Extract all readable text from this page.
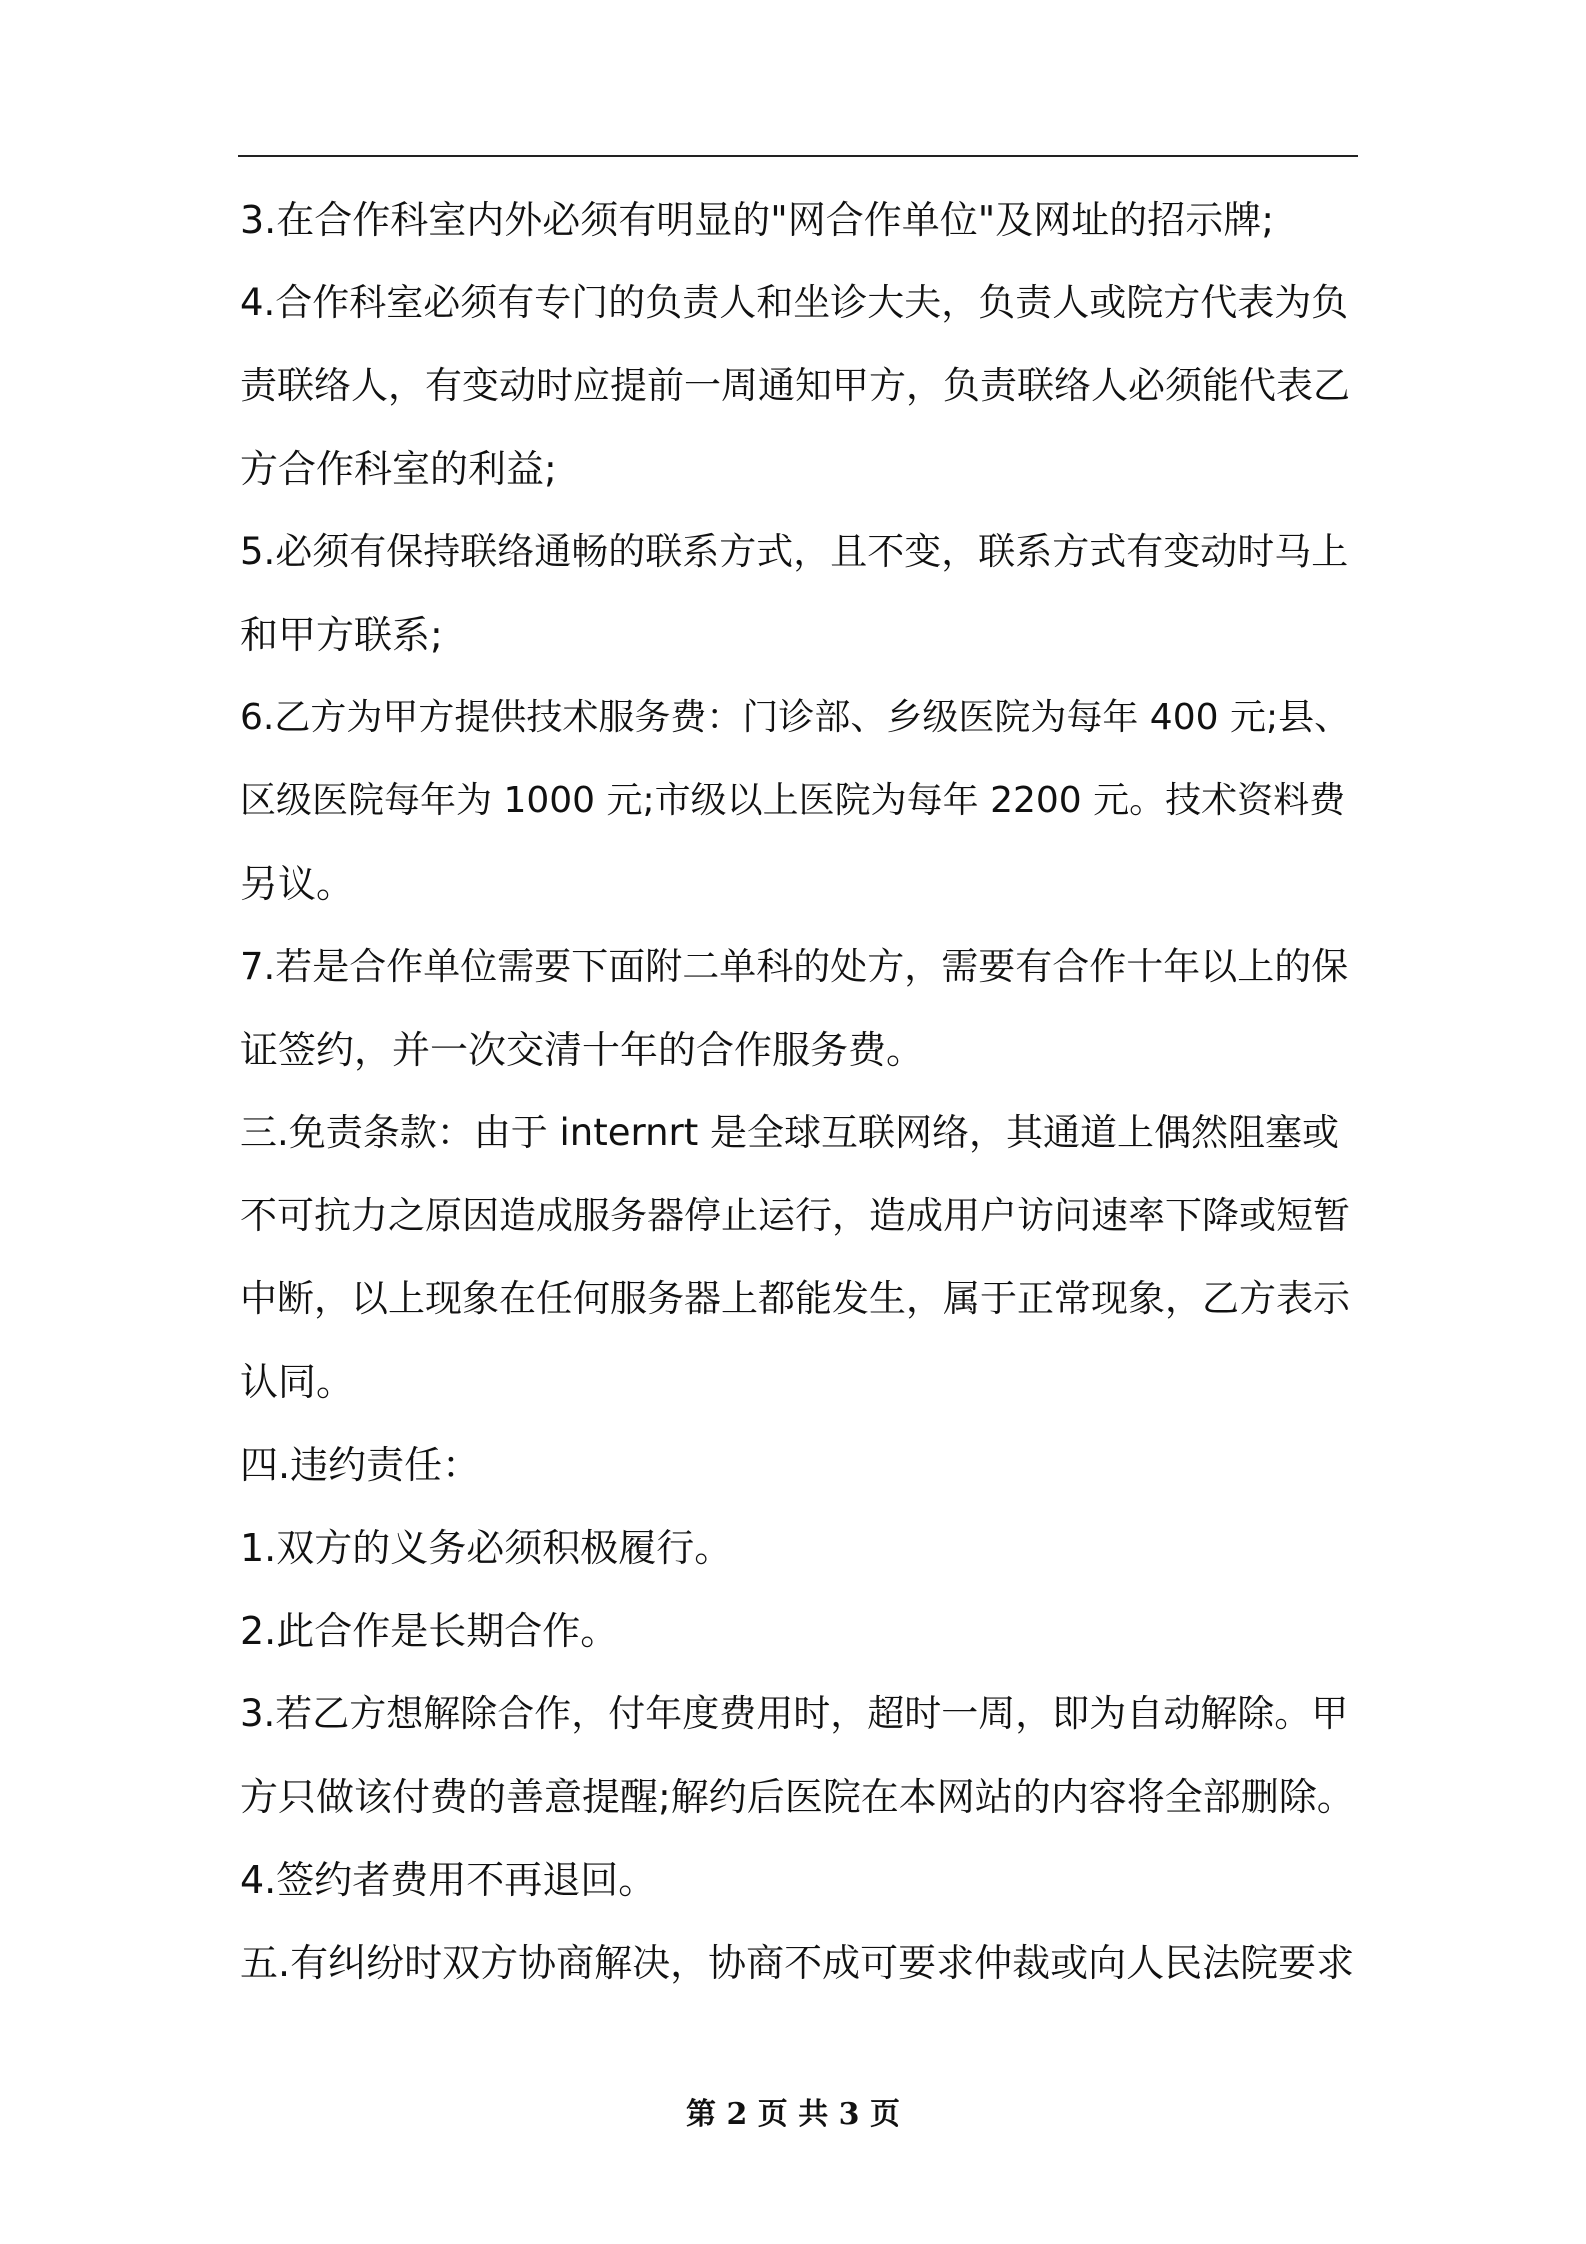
3.在合作科室内外必须有明显的"网合作单位"及网址的招示牌;
4.合作科室必须有专门的负责人和坐诊大夫，负责人或院方代表为负
责联络人，有变动时应提前一周通知甲方，负责联络人必须能代表乙
方合作科室的利益;
5.必须有保持联络通畅的联系方式，且不变，联系方式有变动时马上
和甲方联系;
6.乙方为甲方提供技术服务费：门诊部、乡级医院为每年 400 元;县、
区级医院每年为 1000 元;市级以上医院为每年 2200 元。技术资料费
另议。
7.若是合作单位需要下面附二单科的处方，需要有合作十年以上的保
证签约，并一次交清十年的合作服务费。
三.免责条款：由于 internrt 是全球互联网络，其通道上偶然阻塞或
不可抗力之原因造成服务器停止运行，造成用户访问速率下降或短暂
中断，以上现象在任何服务器上都能发生，属于正常现象，乙方表示
认同。
四.违约责任：
1.双方的义务必须积极履行。
2.此合作是长期合作。
3.若乙方想解除合作，付年度费用时，超时一周，即为自动解除。甲
方只做该付费的善意提醒;解约后医院在本网站的内容将全部删除。
4.签约者费用不再退回。
五.有纠纷时双方协商解决，协商不成可要求仲裁或向人民法院要求
第 2 页 共 3 页
